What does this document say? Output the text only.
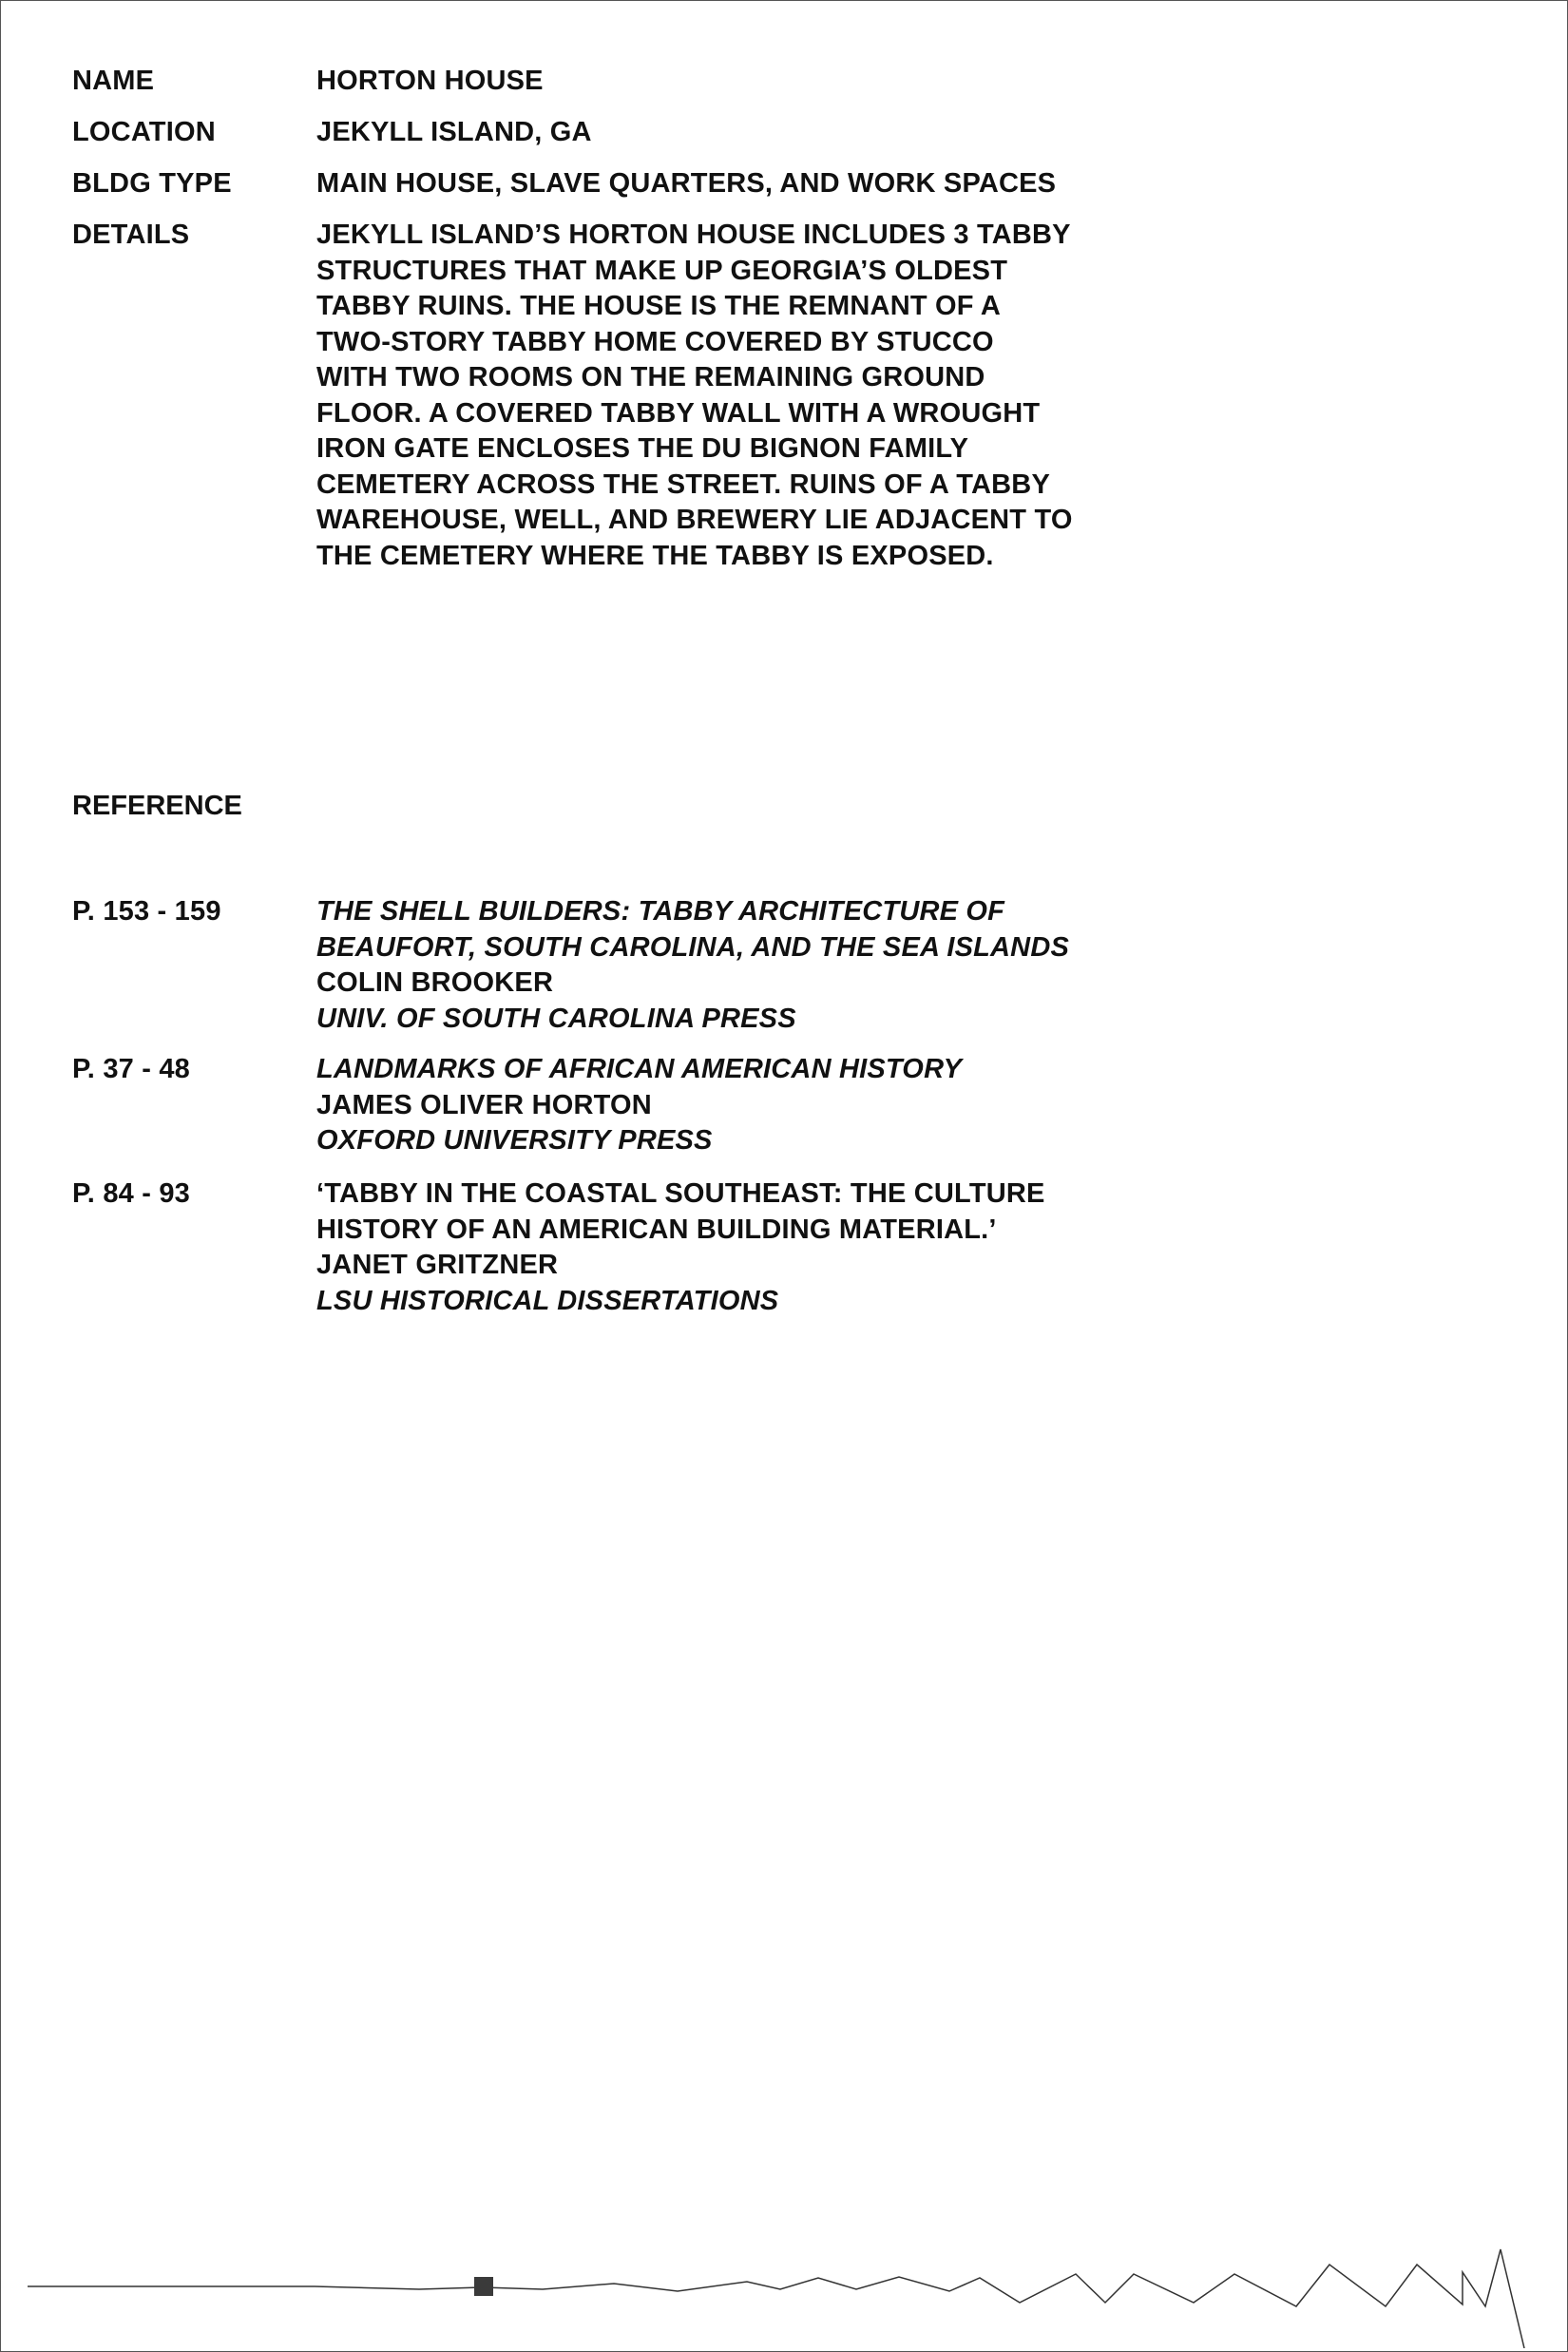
NAME	HORTON HOUSE
LOCATION	JEKYLL ISLAND, GA
BLDG TYPE	MAIN HOUSE, SLAVE QUARTERS, AND WORK SPACES
DETAILS	JEKYLL ISLAND’S HORTON HOUSE INCLUDES 3 TABBY
STRUCTURES THAT MAKE UP GEORGIA’S OLDEST
TABBY RUINS. THE HOUSE IS THE REMNANT OF A
TWO-STORY TABBY HOME COVERED BY STUCCO
WITH TWO ROOMS ON THE REMAINING GROUND
FLOOR. A COVERED TABBY WALL WITH A WROUGHT
IRON GATE ENCLOSES THE DU BIGNON FAMILY
CEMETERY ACROSS THE STREET. RUINS OF A TABBY
WAREHOUSE, WELL, AND BREWERY LIE ADJACENT TO
THE CEMETERY WHERE THE TABBY IS EXPOSED.
REFERENCE
P. 153 - 159	THE SHELL BUILDERS: TABBY ARCHITECTURE OF
BEAUFORT, SOUTH CAROLINA, AND THE SEA ISLANDS
COLIN BROOKER
UNIV. OF SOUTH CAROLINA PRESS
P. 37 - 48	LANDMARKS OF AFRICAN AMERICAN HISTORY
JAMES OLIVER HORTON
OXFORD UNIVERSITY PRESS
P. 84 - 93	‘TABBY IN THE COASTAL SOUTHEAST: THE CULTURE
HISTORY OF AN AMERICAN BUILDING MATERIAL.’
JANET GRITZNER
LSU HISTORICAL DISSERTATIONS
